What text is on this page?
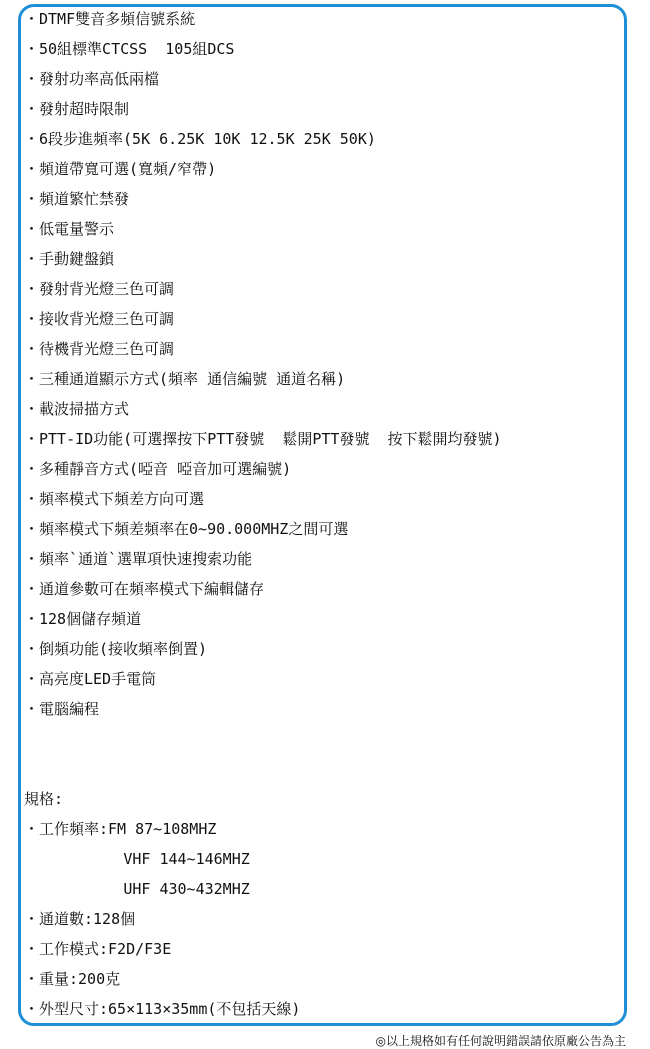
・DTMF雙音多頻信號系統
・50組標準CTCSS  105組DCS
・發射功率高低兩檔
・發射超時限制
・6段步進頻率(5K 6.25K 10K 12.5K 25K 50K)
・頻道帶寬可選(寬頻/窄帶)
・頻道繁忙禁發
・低電量警示
・手動鍵盤鎖
・發射背光燈三色可調
・接收背光燈三色可調
・待機背光燈三色可調
・三種通道顯示方式(頻率 通信編號 通道名稱)
・載波掃描方式
・PTT-ID功能(可選擇按下PTT發號  鬆開PTT發號  按下鬆開均發號)
・多種靜音方式(啞音 啞音加可選編號)
・頻率模式下頻差方向可選
・頻率模式下頻差頻率在0~90.000MHZ之間可選
・頻率`通道`選單項快速搜索功能
・通道參數可在頻率模式下編輯儲存
・128個儲存頻道
・倒頻功能(接收頻率倒置)
・高亮度LED手電筒
・電腦編程
規格:
・工作頻率:FM 87~108MHZ
VHF 144~146MHZ
UHF 430~432MHZ
・通道數:128個
・工作模式:F2D/F3E
・重量:200克
・外型尺寸:65×113×35mm(不包括天線)
◎以上規格如有任何說明錯誤請依原廠公告為主
